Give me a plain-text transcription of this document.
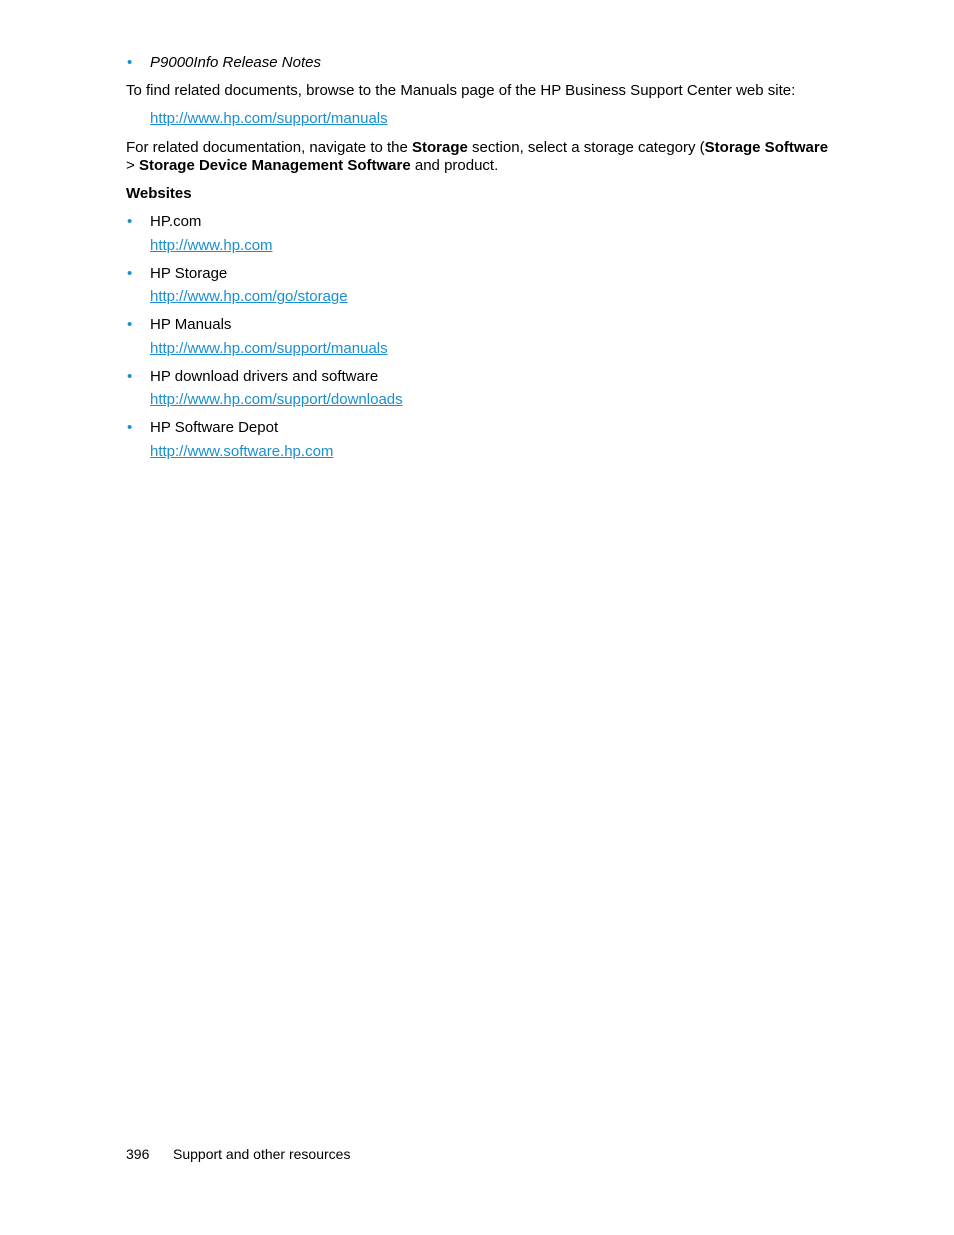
• P9000Info Release Notes
To find related documents, browse to the Manuals page of the HP Business Support Center web site:
http://www.hp.com/support/manuals
For related documentation, navigate to the Storage section, select a storage category (Storage Software
> Storage Device Management Software and product.
Websites
• HP.com
http://www.hp.com
• HP Storage
http://www.hp.com/go/storage
• HP Manuals
http://www.hp.com/support/manuals
• HP download drivers and software
http://www.hp.com/support/downloads
• HP Software Depot
http://www.software.hp.com
396 Support and other resources
